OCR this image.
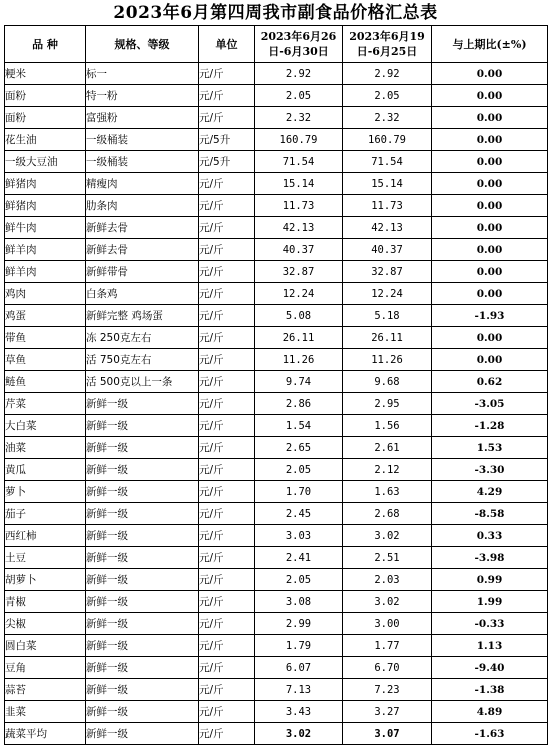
2023年6月第四周我市副食品价格汇总表
品 种	规格、等级	单位	2023年6月26日-6月30日	2023年6月19日-6月25日	与上期比(±%)
粳米	标一	元/斤	2.92	2.92	0.00
面粉	特一粉	元/斤	2.05	2.05	0.00
面粉	富强粉	元/斤	2.32	2.32	0.00
花生油	一级桶装	元/5升	160.79	160.79	0.00
一级大豆油	一级桶装	元/5升	71.54	71.54	0.00
鲜猪肉	精瘦肉	元/斤	15.14	15.14	0.00
鲜猪肉	肋条肉	元/斤	11.73	11.73	0.00
鲜牛肉	新鲜去骨	元/斤	42.13	42.13	0.00
鲜羊肉	新鲜去骨	元/斤	40.37	40.37	0.00
鲜羊肉	新鲜带骨	元/斤	32.87	32.87	0.00
鸡肉	白条鸡	元/斤	12.24	12.24	0.00
鸡蛋	新鲜完整 鸡场蛋	元/斤	5.08	5.18	-1.93
带鱼	冻 250克左右	元/斤	26.11	26.11	0.00
草鱼	活 750克左右	元/斤	11.26	11.26	0.00
鲢鱼	活 500克以上一条	元/斤	9.74	9.68	0.62
芹菜	新鲜一级	元/斤	2.86	2.95	-3.05
大白菜	新鲜一级	元/斤	1.54	1.56	-1.28
油菜	新鲜一级	元/斤	2.65	2.61	1.53
黄瓜	新鲜一级	元/斤	2.05	2.12	-3.30
萝卜	新鲜一级	元/斤	1.70	1.63	4.29
茄子	新鲜一级	元/斤	2.45	2.68	-8.58
西红柿	新鲜一级	元/斤	3.03	3.02	0.33
土豆	新鲜一级	元/斤	2.41	2.51	-3.98
胡萝卜	新鲜一级	元/斤	2.05	2.03	0.99
青椒	新鲜一级	元/斤	3.08	3.02	1.99
尖椒	新鲜一级	元/斤	2.99	3.00	-0.33
圆白菜	新鲜一级	元/斤	1.79	1.77	1.13
豆角	新鲜一级	元/斤	6.07	6.70	-9.40
蒜苔	新鲜一级	元/斤	7.13	7.23	-1.38
韭菜	新鲜一级	元/斤	3.43	3.27	4.89
蔬菜平均	新鲜一级	元/斤	3.02	3.07	-1.63
